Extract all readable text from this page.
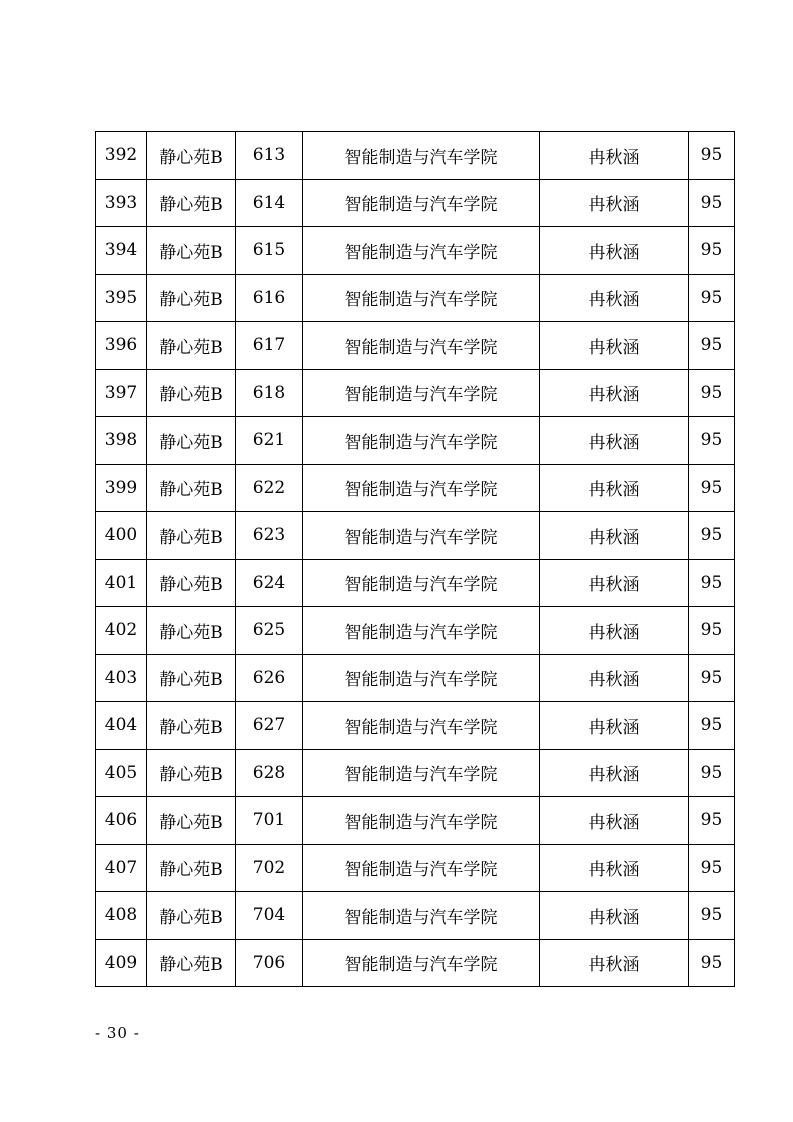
392	静心苑B	613	智能制造与汽车学院	冉秋涵	95
393	静心苑B	614	智能制造与汽车学院	冉秋涵	95
394	静心苑B	615	智能制造与汽车学院	冉秋涵	95
395	静心苑B	616	智能制造与汽车学院	冉秋涵	95
396	静心苑B	617	智能制造与汽车学院	冉秋涵	95
397	静心苑B	618	智能制造与汽车学院	冉秋涵	95
398	静心苑B	621	智能制造与汽车学院	冉秋涵	95
399	静心苑B	622	智能制造与汽车学院	冉秋涵	95
400	静心苑B	623	智能制造与汽车学院	冉秋涵	95
401	静心苑B	624	智能制造与汽车学院	冉秋涵	95
402	静心苑B	625	智能制造与汽车学院	冉秋涵	95
403	静心苑B	626	智能制造与汽车学院	冉秋涵	95
404	静心苑B	627	智能制造与汽车学院	冉秋涵	95
405	静心苑B	628	智能制造与汽车学院	冉秋涵	95
406	静心苑B	701	智能制造与汽车学院	冉秋涵	95
407	静心苑B	702	智能制造与汽车学院	冉秋涵	95
408	静心苑B	704	智能制造与汽车学院	冉秋涵	95
409	静心苑B	706	智能制造与汽车学院	冉秋涵	95
- 30 -
